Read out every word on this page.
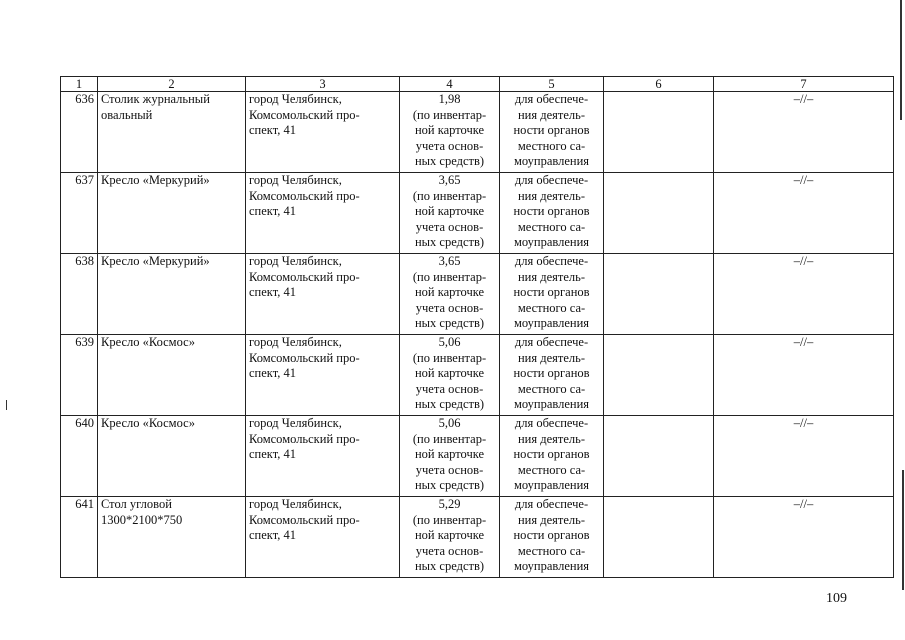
1	2	3	4	5	6	7
636	Столик журнальный
овальный	город Челябинск,
Комсомольский про-
спект, 41	1,98
(по инвентар-
ной карточке
учета основ-
ных средств)	для обеспече-
ния деятель-
ности органов
местного са-
моуправления		–//–
637	Кресло «Меркурий»	город Челябинск,
Комсомольский про-
спект, 41	3,65
(по инвентар-
ной карточке
учета основ-
ных средств)	для обеспече-
ния деятель-
ности органов
местного са-
моуправления		–//–
638	Кресло «Меркурий»	город Челябинск,
Комсомольский про-
спект, 41	3,65
(по инвентар-
ной карточке
учета основ-
ных средств)	для обеспече-
ния деятель-
ности органов
местного са-
моуправления		–//–
639	Кресло «Космос»	город Челябинск,
Комсомольский про-
спект, 41	5,06
(по инвентар-
ной карточке
учета основ-
ных средств)	для обеспече-
ния деятель-
ности органов
местного са-
моуправления		–//–
640	Кресло «Космос»	город Челябинск,
Комсомольский про-
спект, 41	5,06
(по инвентар-
ной карточке
учета основ-
ных средств)	для обеспече-
ния деятель-
ности органов
местного са-
моуправления		–//–
641	Стол угловой
1300*2100*750	город Челябинск,
Комсомольский про-
спект, 41	5,29
(по инвентар-
ной карточке
учета основ-
ных средств)	для обеспече-
ния деятель-
ности органов
местного са-
моуправления		–//–
109
